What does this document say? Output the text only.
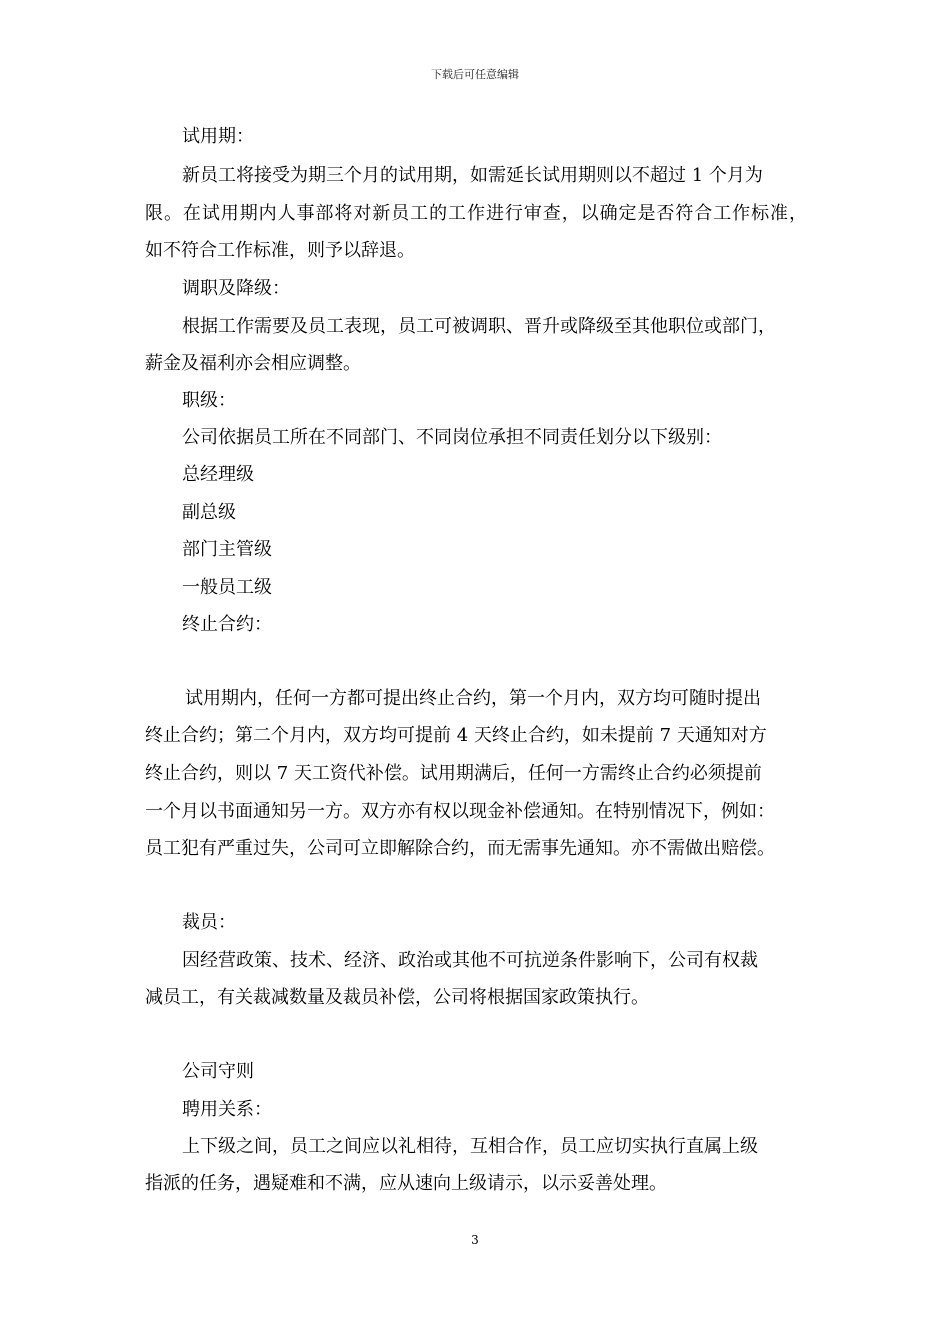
下载后可任意编辑
试用期：
新员工将接受为期三个月的试用期，如需延长试用期则以不超过 1 个月为
限。在试用期内人事部将对新员工的工作进行审查，以确定是否符合工作标准，
如不符合工作标准，则予以辞退。
调职及降级：
根据工作需要及员工表现，员工可被调职、晋升或降级至其他职位或部门，
薪金及福利亦会相应调整。
职级：
公司依据员工所在不同部门、不同岗位承担不同责任划分以下级别：
总经理级
副总级
部门主管级
一般员工级
终止合约：
试用期内，任何一方都可提出终止合约，第一个月内，双方均可随时提出
终止合约；第二个月内，双方均可提前 4 天终止合约，如未提前 7 天通知对方
终止合约，则以 7 天工资代补偿。试用期满后，任何一方需终止合约必须提前
一个月以书面通知另一方。双方亦有权以现金补偿通知。在特别情况下，例如：
员工犯有严重过失，公司可立即解除合约，而无需事先通知。亦不需做出赔偿。
裁员：
因经营政策、技术、经济、政治或其他不可抗逆条件影响下，公司有权裁
减员工，有关裁减数量及裁员补偿，公司将根据国家政策执行。
公司守则
聘用关系：
上下级之间，员工之间应以礼相待，互相合作，员工应切实执行直属上级
指派的任务，遇疑难和不满，应从速向上级请示，以示妥善处理。
3
